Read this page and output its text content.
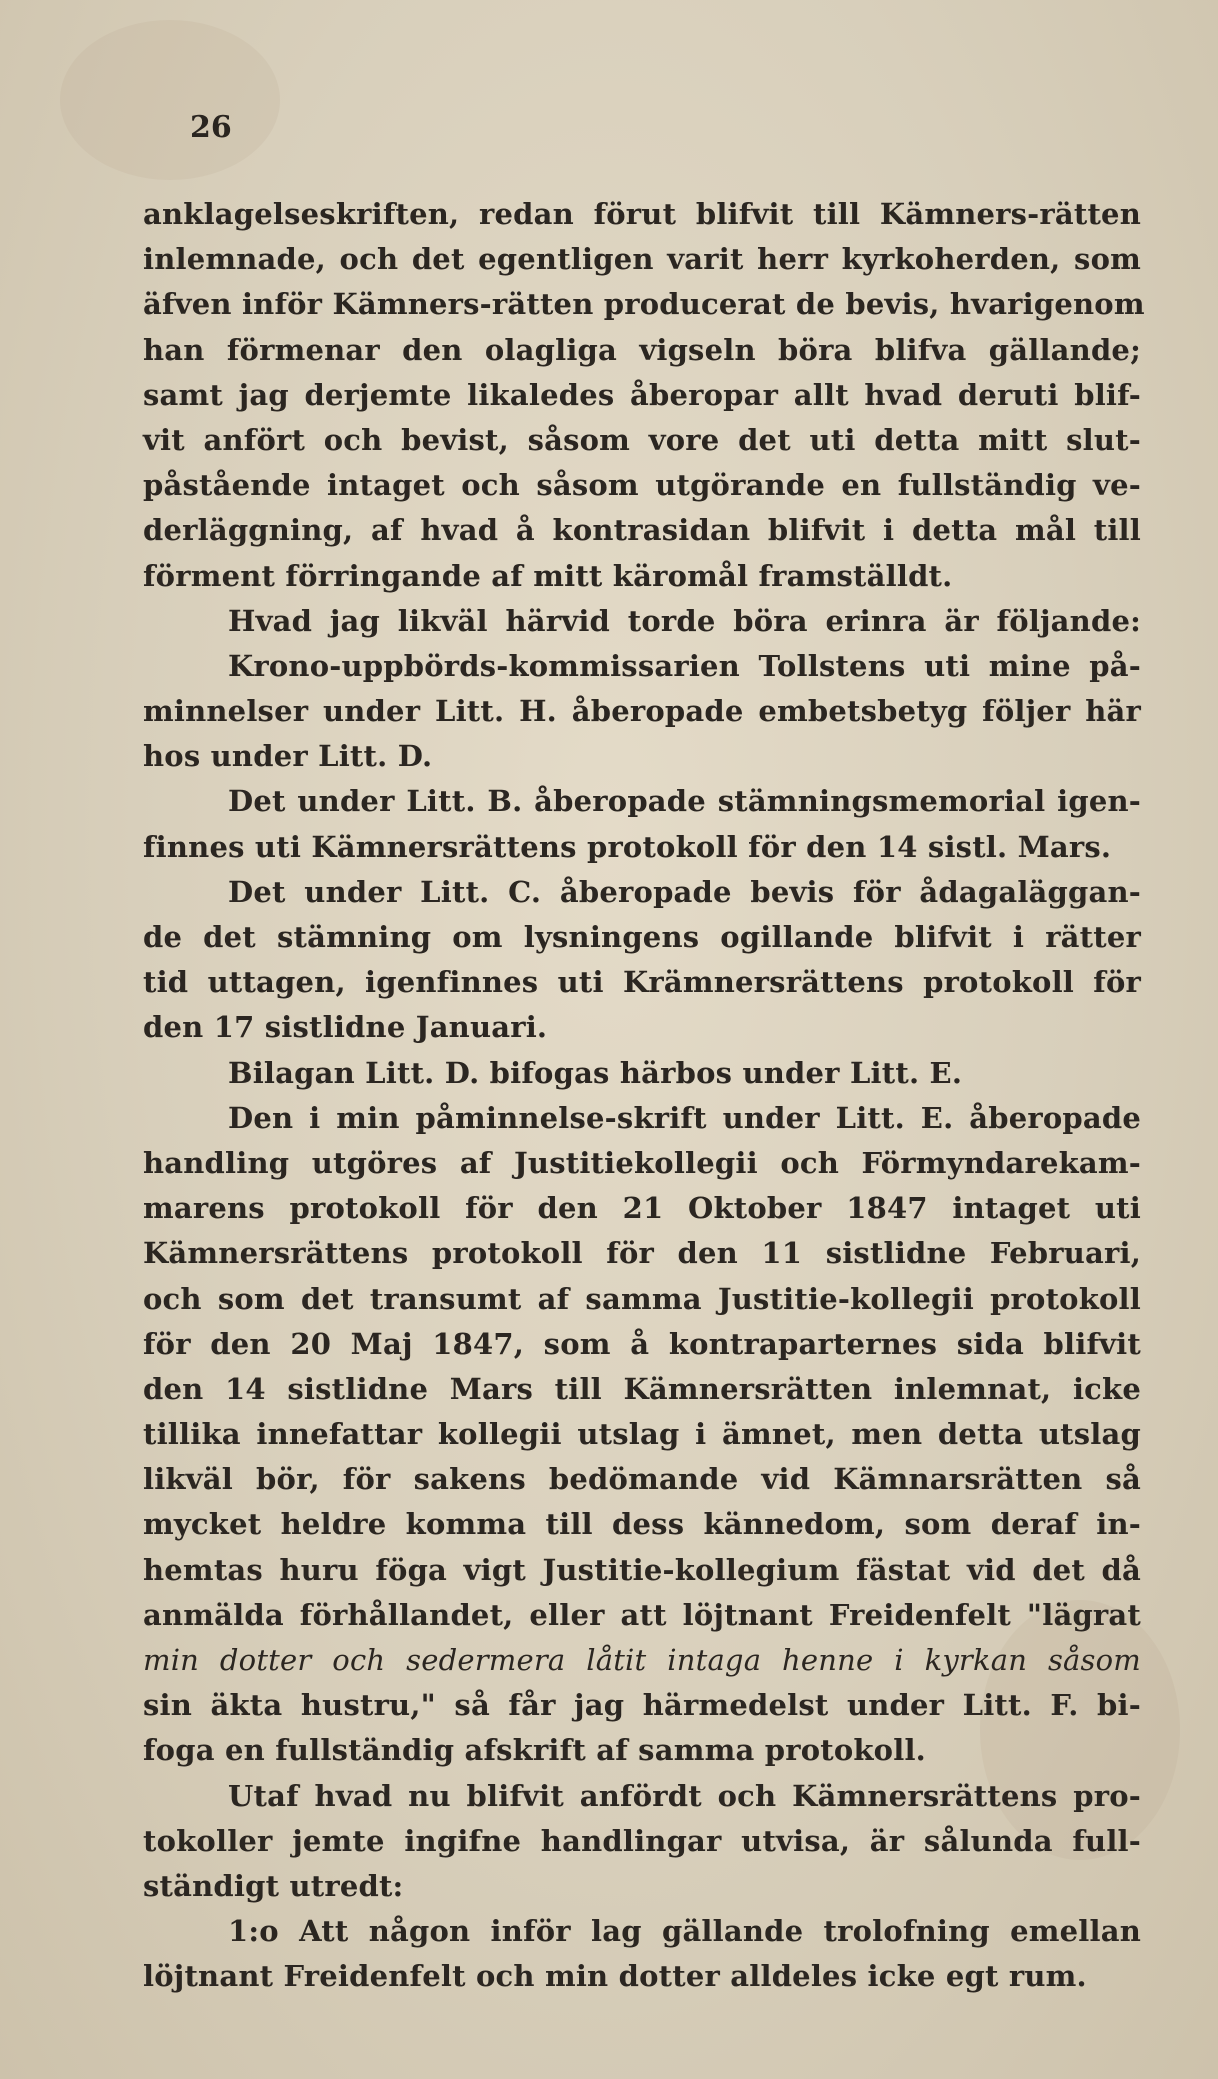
26
anklagelseskriften, redan förut blifvit till Kämners-rätten
inlemnade, och det egentligen varit herr kyrkoherden, som
äfven inför Kämners-rätten producerat de bevis, hvarigenom
han förmenar den olagliga vigseln böra blifva gällande;
samt jag derjemte likaledes åberopar allt hvad deruti blif-
vit anfört och bevist, såsom vore det uti detta mitt slut-
påstående intaget och såsom utgörande en fullständig ve-
derläggning, af hvad å kontrasidan blifvit i detta mål till
förment förringande af mitt käromål framställdt.
Hvad jag likväl härvid torde böra erinra är följande:
Krono-uppbörds-kommissarien Tollstens uti mine på-
minnelser under Litt. H. åberopade embetsbetyg följer här
hos under Litt. D.
Det under Litt. B. åberopade stämningsmemorial igen-
finnes uti Kämnersrättens protokoll för den 14 sistl. Mars.
Det under Litt. C. åberopade bevis för ådagaläggan-
de det stämning om lysningens ogillande blifvit i rätter
tid uttagen, igenfinnes uti Krämnersrättens protokoll för
den 17 sistlidne Januari.
Bilagan Litt. D. bifogas härbos under Litt. E.
Den i min påminnelse-skrift under Litt. E. åberopade
handling utgöres af Justitiekollegii och Förmyndarekam-
marens protokoll för den 21 Oktober 1847 intaget uti
Kämnersrättens protokoll för den 11 sistlidne Februari,
och som det transumt af samma Justitie-kollegii protokoll
för den 20 Maj 1847, som å kontraparternes sida blifvit
den 14 sistlidne Mars till Kämnersrätten inlemnat, icke
tillika innefattar kollegii utslag i ämnet, men detta utslag
likväl bör, för sakens bedömande vid Kämnarsrätten så
mycket heldre komma till dess kännedom, som deraf in-
hemtas huru föga vigt Justitie-kollegium fästat vid det då
anmälda förhållandet, eller att löjtnant Freidenfelt "lägrat
min dotter och sedermera låtit intaga henne i kyrkan såsom
sin äkta hustru," så får jag härmedelst under Litt. F. bi-
foga en fullständig afskrift af samma protokoll.
Utaf hvad nu blifvit anfördt och Kämnersrättens pro-
tokoller jemte ingifne handlingar utvisa, är sålunda full-
ständigt utredt:
1:o Att någon inför lag gällande trolofning emellan
löjtnant Freidenfelt och min dotter alldeles icke egt rum.
